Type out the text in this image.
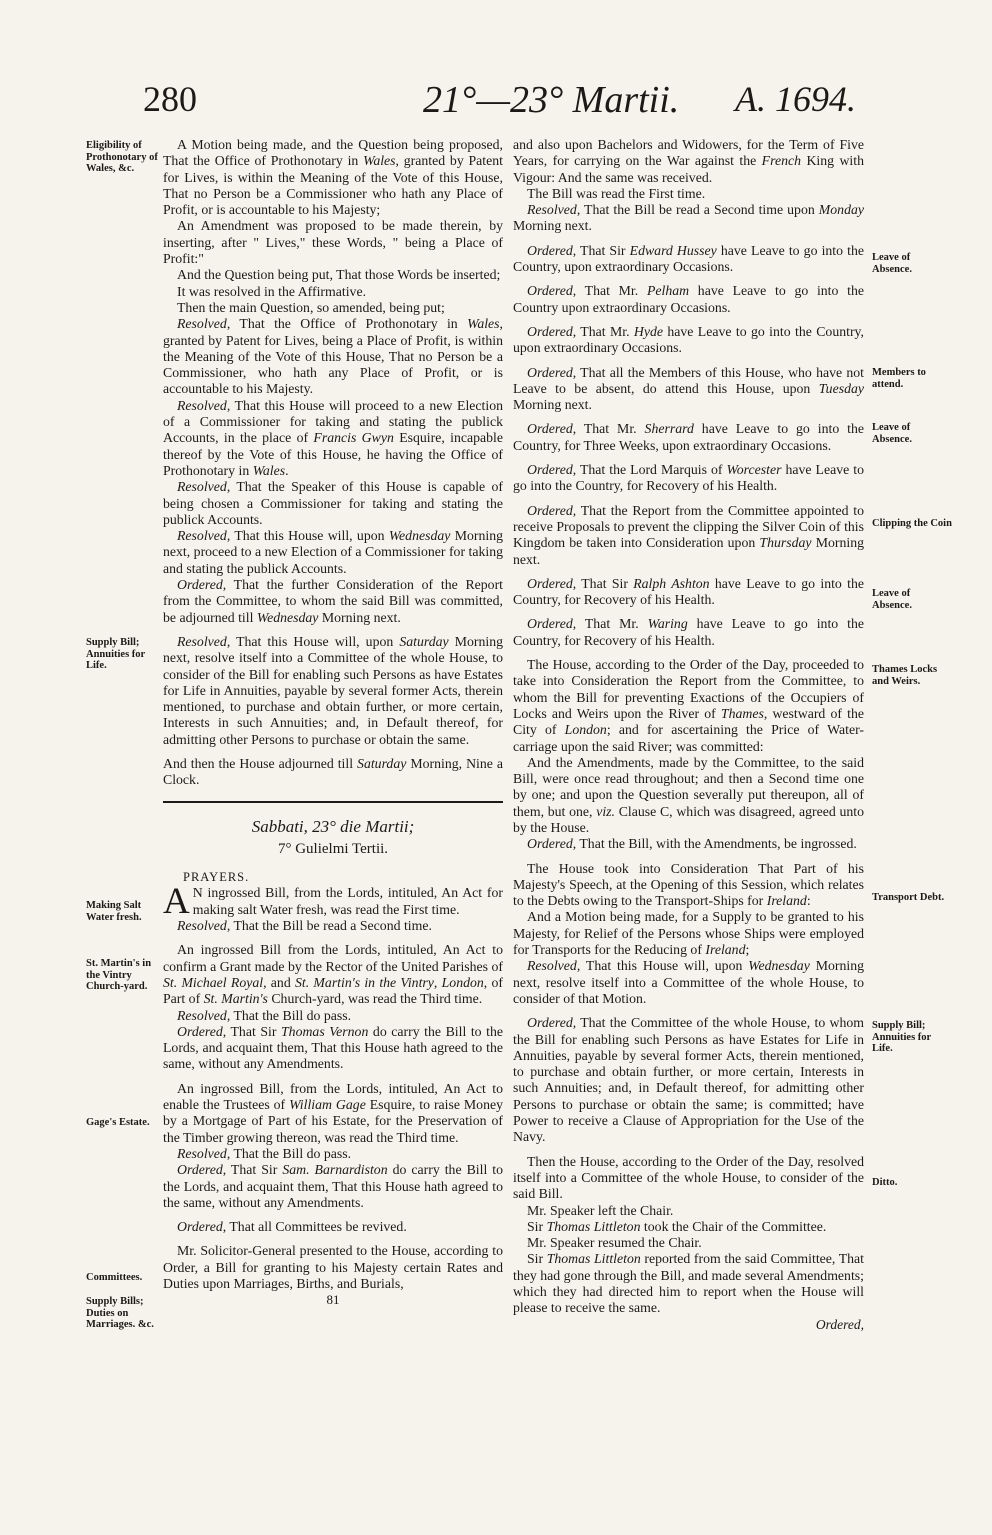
280	21°—23° Martii. A. 1694.
Eligibility of Prothonotary of Wales, &c.
Supply Bill; Annuities for Life.
Making Salt Water fresh.
St. Martin's in the Vintry Church-yard.
Gage's Estate.
Committees.
Supply Bills; Duties on Marriages. &c.
Leave of Absence.
Members to attend.
Leave of Absence.
Clipping the Coin
Leave of Absence.
Thames Locks and Weirs.
Transport Debt.
Supply Bill; Annuities for Life.
Ditto.

A Motion being made, and the Question being proposed, That the Office of Prothonotary in Wales, granted by Patent for Lives, is within the Meaning of the Vote of this House, That no Person be a Commissioner who hath any Place of Profit, or is accountable to his Majesty;

An Amendment was proposed to be made therein, by inserting, after " Lives," these Words, " being a Place of Profit:"

And the Question being put, That those Words be inserted;

It was resolved in the Affirmative.

Then the main Question, so amended, being put;

Resolved, That the Office of Prothonotary in Wales, granted by Patent for Lives, being a Place of Profit, is within the Meaning of the Vote of this House, That no Person be a Commissioner, who hath any Place of Profit, or is accountable to his Majesty.

Resolved, That this House will proceed to a new Election of a Commissioner for taking and stating the publick Accounts, in the place of Francis Gwyn Esquire, incapable thereof by the Vote of this House, he having the Office of Prothonotary in Wales.

Resolved, That the Speaker of this House is capable of being chosen a Commissioner for taking and stating the publick Accounts.

Resolved, That this House will, upon Wednesday Morning next, proceed to a new Election of a Commissioner for taking and stating the publick Accounts.

Ordered, That the further Consideration of the Report from the Committee, to whom the said Bill was committed, be adjourned till Wednesday Morning next.

Resolved, That this House will, upon Saturday Morning next, resolve itself into a Committee of the whole House, to consider of the Bill for enabling such Persons as have Estates for Life in Annuities, payable by several former Acts, therein mentioned, to purchase and obtain further, or more certain, Interests in such Annuities; and, in Default thereof, for admitting other Persons to purchase or obtain the same.

And then the House adjourned till Saturday Morning, Nine a Clock.

Sabbati, 23° die Martii;
7° Gulielmi Tertii.
PRAYERS.

A N ingrossed Bill, from the Lords, intituled, An Act for making salt Water fresh, was read the First time.

Resolved, That the Bill be read a Second time.

An ingrossed Bill from the Lords, intituled, An Act to confirm a Grant made by the Rector of the United Parishes of St. Michael Royal, and St. Martin's in the Vintry, London, of Part of St. Martin's Church-yard, was read the Third time.

Resolved, That the Bill do pass.

Ordered, That Sir Thomas Vernon do carry the Bill to the Lords, and acquaint them, That this House hath agreed to the same, without any Amendments.

An ingrossed Bill, from the Lords, intituled, An Act to enable the Trustees of William Gage Esquire, to raise Money by a Mortgage of Part of his Estate, for the Preservation of the Timber growing thereon, was read the Third time.

Resolved, That the Bill do pass.

Ordered, That Sir Sam. Barnardiston do carry the Bill to the Lords, and acquaint them, That this House hath agreed to the same, without any Amendments.

Ordered, That all Committees be revived.

Mr. Solicitor-General presented to the House, according to Order, a Bill for granting to his Majesty certain Rates and Duties upon Marriages, Births, and Burials,

81

and also upon Bachelors and Widowers, for the Term of Five Years, for carrying on the War against the French King with Vigour: And the same was received.

The Bill was read the First time.

Resolved, That the Bill be read a Second time upon Monday Morning next.

Ordered, That Sir Edward Hussey have Leave to go into the Country, upon extraordinary Occasions.

Ordered, That Mr. Pelham have Leave to go into the Country upon extraordinary Occasions.

Ordered, That Mr. Hyde have Leave to go into the Country, upon extraordinary Occasions.

Ordered, That all the Members of this House, who have not Leave to be absent, do attend this House, upon Tuesday Morning next.

Ordered, That Mr. Sherrard have Leave to go into the Country, for Three Weeks, upon extraordinary Occasions.

Ordered, That the Lord Marquis of Worcester have Leave to go into the Country, for Recovery of his Health.

Ordered, That the Report from the Committee appointed to receive Proposals to prevent the clipping the Silver Coin of this Kingdom be taken into Consideration upon Thursday Morning next.

Ordered, That Sir Ralph Ashton have Leave to go into the Country, for Recovery of his Health.

Ordered, That Mr. Waring have Leave to go into the Country, for Recovery of his Health.

The House, according to the Order of the Day, proceeded to take into Consideration the Report from the Committee, to whom the Bill for preventing Exactions of the Occupiers of Locks and Weirs upon the River of Thames, westward of the City of London; and for ascertaining the Price of Water-carriage upon the said River; was committed:

And the Amendments, made by the Committee, to the said Bill, were once read throughout; and then a Second time one by one; and upon the Question severally put thereupon, all of them, but one, viz. Clause C, which was disagreed, agreed unto by the House.

Ordered, That the Bill, with the Amendments, be ingrossed.

The House took into Consideration That Part of his Majesty's Speech, at the Opening of this Session, which relates to the Debts owing to the Transport-Ships for Ireland:

And a Motion being made, for a Supply to be granted to his Majesty, for Relief of the Persons whose Ships were employed for Transports for the Reducing of Ireland;

Resolved, That this House will, upon Wednesday Morning next, resolve itself into a Committee of the whole House, to consider of that Motion.

Ordered, That the Committee of the whole House, to whom the Bill for enabling such Persons as have Estates for Life in Annuities, payable by several former Acts, therein mentioned, to purchase and obtain further, or more certain, Interests in such Annuities; and, in Default thereof, for admitting other Persons to purchase or obtain the same; is committed; have Power to receive a Clause of Appropriation for the Use of the Navy.

Then the House, according to the Order of the Day, resolved itself into a Committee of the whole House, to consider of the said Bill.

Mr. Speaker left the Chair.

Sir Thomas Littleton took the Chair of the Committee.

Mr. Speaker resumed the Chair.

Sir Thomas Littleton reported from the said Committee, That they had gone through the Bill, and made several Amendments; which they had directed him to report when the House will please to receive the same.

Ordered,
